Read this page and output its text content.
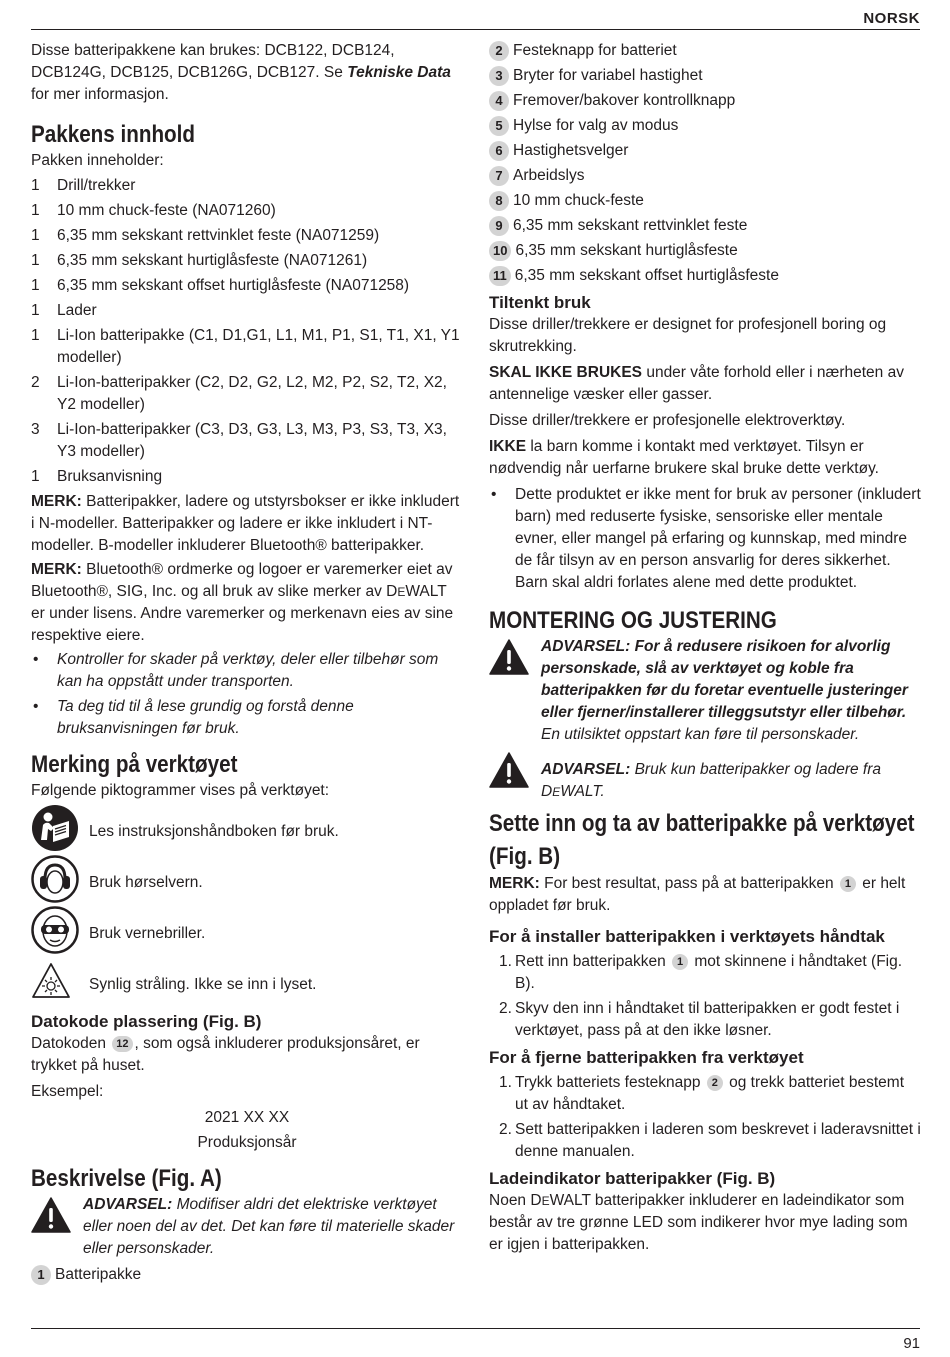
NORSK

Disse batteripakkene kan brukes: DCB122, DCB124, DCB124G, DCB125, DCB126G, DCB127. Se Tekniske Data for mer informasjon.

Pakkens innhold

Pakken inneholder:

1	Drill/trekker
1	10 mm chuck-feste (NA071260)
1	6,35 mm sekskant rettvinklet feste (NA071259)
1	6,35 mm sekskant hurtiglåsfeste (NA071261)
1	6,35 mm sekskant offset hurtiglåsfeste (NA071258)
1	Lader
1	Li-Ion batteripakke (C1, D1,G1, L1, M1, P1, S1, T1, X1, Y1 modeller)
2	Li-Ion-batteripakker (C2, D2, G2, L2, M2, P2, S2, T2, X2, Y2 modeller)
3	Li-Ion-batteripakker (C3, D3, G3, L3, M3, P3, S3, T3, X3, Y3 modeller)
1	Bruksanvisning

MERK: Batteripakker, ladere og utstyrsbokser er ikke inkludert i N-modeller. Batteripakker og ladere er ikke inkludert i NT-modeller. B-modeller inkluderer Bluetooth® batteripakker.

MERK: Bluetooth® ordmerke og logoer er varemerker eiet av Bluetooth®, SIG, Inc. og all bruk av slike merker av DEWALT er under lisens. Andre varemerker og merkenavn eies av sine respektive eiere.

•	Kontroller for skader på verktøy, deler eller tilbehør som kan ha oppstått under transporten.
•	Ta deg tid til å lese grundig og forstå denne bruksanvisningen før bruk.
Merking på verktøyet

Følgende piktogrammer vises på verktøyet:

Les instruksjonshåndboken før bruk.
Bruk hørselvern.
Bruk vernebriller.
Synlig stråling. Ikke se inn i lyset.
Datokode plassering (Fig. B)

Datokoden 12 , som også inkluderer produksjonsåret, er trykket på huset.

Eksempel:

2021 XX XX

Produksjonsår

Beskrivelse (Fig. A)
ADVARSEL: Modifiser aldri det elektriske verktøyet eller noen del av det. Det kan føre til materielle skader eller personskader.
1 Batteripakke
2 Festeknapp for batteriet
3 Bryter for variabel hastighet
4 Fremover/bakover kontrollknapp
5 Hylse for valg av modus
6 Hastighetsvelger
7 Arbeidslys
8 10 mm chuck-feste
9 6,35 mm sekskant rettvinklet feste
10 6,35 mm sekskant hurtiglåsfeste
11 6,35 mm sekskant offset hurtiglåsfeste
Tiltenkt bruk

Disse driller/trekkere er designet for profesjonell boring og skrutrekking.

SKAL IKKE BRUKES under våte forhold eller i nærheten av antennelige væsker eller gasser.

Disse driller/trekkere er profesjonelle elektroverktøy.

IKKE la barn komme i kontakt med verktøyet. Tilsyn er nødvendig når uerfarne brukere skal bruke dette verktøy.

•	Dette produktet er ikke ment for bruk av personer (inkludert barn) med reduserte fysiske, sensoriske eller mentale evner, eller mangel på erfaring og kunnskap, med mindre de får tilsyn av en person ansvarlig for deres sikkerhet. Barn skal aldri forlates alene med dette produktet.
MONTERING OG JUSTERING
ADVARSEL: For å redusere risikoen for alvorlig personskade, slå av verktøyet og koble fra batteripakken før du foretar eventuelle justeringer eller fjerner/installerer tilleggsutstyr eller tilbehør. En utilsiktet oppstart kan føre til personskader.
ADVARSEL: Bruk kun batteripakker og ladere fra DEWALT.
Sette inn og ta av batteripakke på verktøyet (Fig. B)

MERK: For best resultat, pass på at batteripakken 1 er helt oppladet før bruk.

For å installer batteripakken i verktøyets håndtak
1. Rett inn batteripakken 1 mot skinnene i håndtaket (Fig. B).
2. Skyv den inn i håndtaket til batteripakken er godt festet i verktøyet, pass på at den ikke løsner.
For å fjerne batteripakken fra verktøyet
1. Trykk batteriets festeknapp 2 og trekk batteriet bestemt ut av håndtaket.
2. Sett batteripakken i laderen som beskrevet i laderavsnittet i denne manualen.
Ladeindikator batteripakker (Fig. B)

Noen DEWALT batteripakker inkluderer en ladeindikator som består av tre grønne LED som indikerer hvor mye lading som er igjen i batteripakken.

91
